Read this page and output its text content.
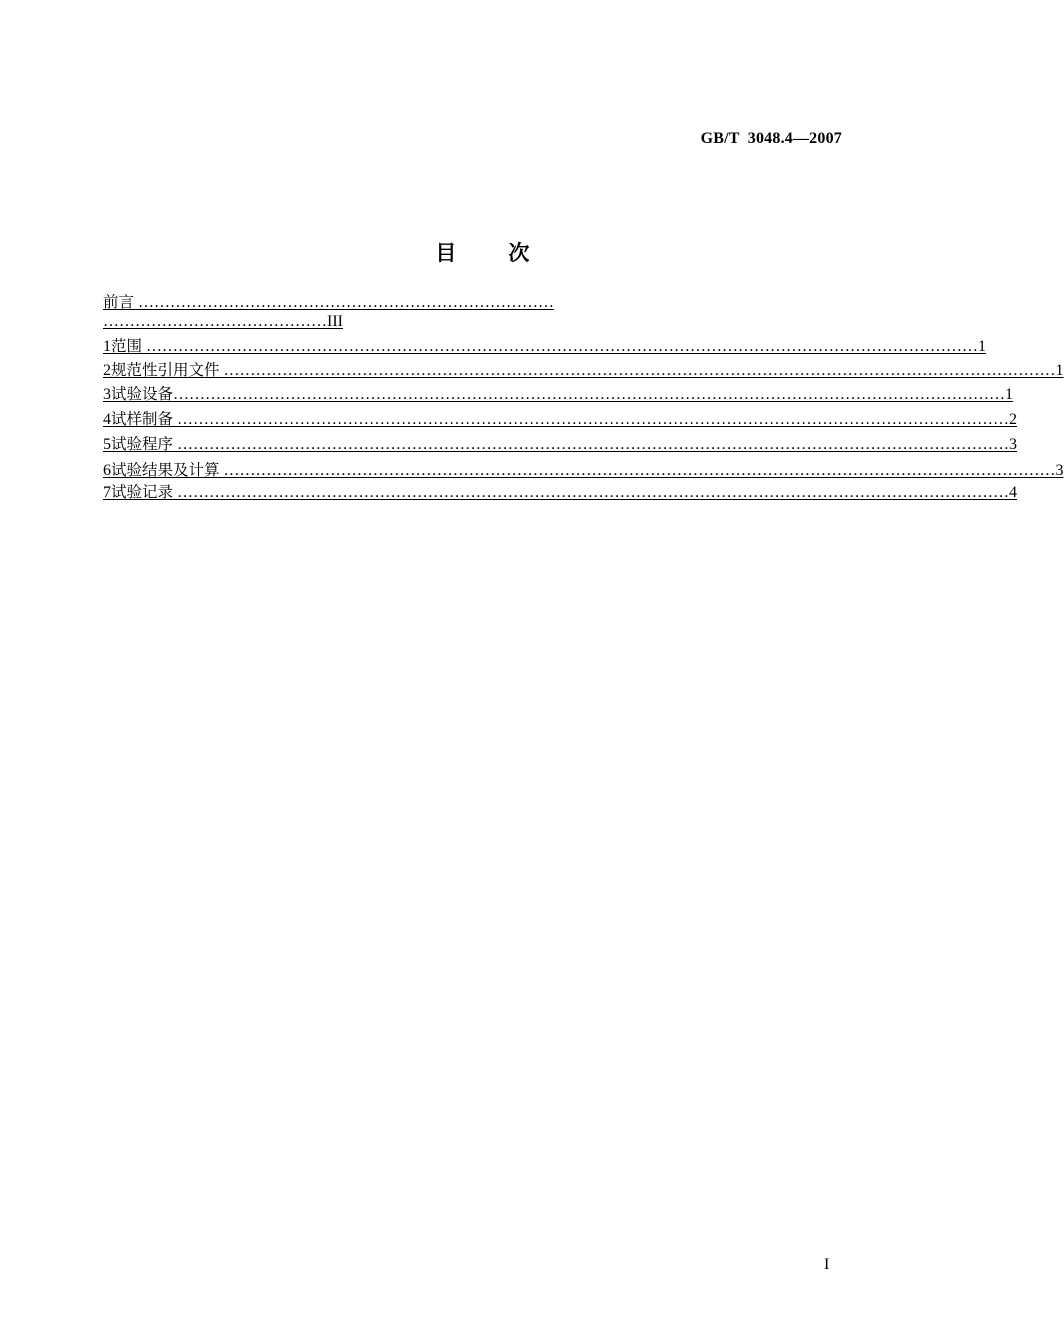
GB/T  3048.4—2007

目 次

前言 ……………………………………………………………………
……………………………………III
1 范围 ………………………………………………………………………………………………………………………………………… 1
2 规范性引用文件 ………………………………………………………………………………………………………………………………………… 1
3 试验设备 ………………………………………………………………………………………………………………………………………… 1
4 试样制备 ………………………………………………………………………………………………………………………………………… 2
5 试验程序 ………………………………………………………………………………………………………………………………………… 3
6 试验结果及计算 ………………………………………………………………………………………………………………………………………… 3
7 试验记录 ………………………………………………………………………………………………………………………………………… 4
I
